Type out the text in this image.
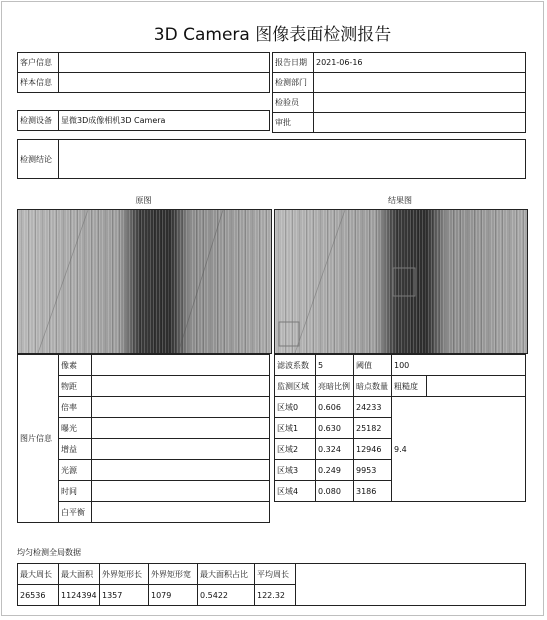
3D Camera 图像表面检测报告
客户信息	
样本信息	
检测设备	显微3D成像相机3D Camera
报告日期	2021-06-16
检测部门	
检验员	
审批	
检测结论	
原图	结果图
图片信息	像素	
	物距	
	倍率	
	曝光	
	增益	
	光源	
	时间	
	白平衡	
滤波系数	5	阈值	100	
监测区域	亮暗比例	暗点数量	粗糙度	
区域0	0.606	24233	9.4	
区域1	0.630	25182		
区域2	0.324	12946		
区域3	0.249	9953		
区域4	0.080	3186		
均匀检测全局数据
最大周长	最大面积	外界矩形长	外界矩形宽	最大面积占比	平均周长	
26536	1124394	1357	1079	0.5422	122.32	
